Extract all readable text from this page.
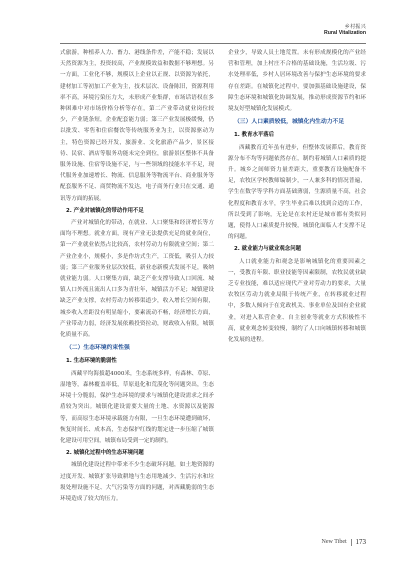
乡村振兴
Rural Vitalization

式旅游，种植养人力、畜力、港线条件差，产能不稳；发展以天然资源为主，投资较高，产业规模效益和数据不够理想。另一方面，工业化不够，规模以上企业以正规、以资源为依托，建材加工等初加工产业为主，技术层次、设备陈旧，资源利用率不高，环境污染压力大，未形成产业集群，市场话语权在多种困难中对市场价格分析等存在，第二产业带动就业岗位较少，产业链条短，企业配套能力弱；第三产业发展极缓慢，仍以批发、零售和住宿餐饮等传统服务业为主，以资源驱动为主，特色资源已经开发，旅游业、文化旅游产品少，景区接待、民宿、酒店等服务功能未完全到位，旅游景区整体不具备服务设施、住宿等设施不足，与一些领域的技能水平不足，现代服务业加速增长、物流、信息服务等物流平台、商业服务等配套服务不足、商贸物流不发达，电子商务行业只在交通、通讯等方面的拓展。

2. 产业对城镇化的带动作用不足

产业对城镇化的带动，在就业、人口聚集和经济增长等方面均不理想。就业方面，现有产业无法提供充足的就业岗位，第一产业就业依然占比较高，农村劳动力有限就业空间；第二产业企业小，规模小，多是作坊式生产，工资低，吸引人力较弱；第三产业服务业层次较低，新业态新模式发展不足，吸纳就业能力弱。人口聚集方面，缺乏产业支撑导致人口回流、城镇人口外流且流出人口多为青壮年，城镇活力不足；城镇建设缺乏产业支撑，农村劳动力转移渠道少，收入增长空间有限，城乡收入差距没有明显缩小，要素流动不畅，经济增长方面，产业带动力弱，经济发展依赖投资拉动，财政收入有限，城镇化质量不高。

（二）生态环境约束性强
1. 生态环境的脆弱性

西藏平均海拔超4000米，生态系统多样，有森林、草原、湿地等，森林覆盖率低，草原退化和荒漠化等问题突出，生态环境十分脆弱，保护生态环境的要求与城镇化建设需求之间矛盾较为突出。城镇化建设需要大量的土地、水资源以及能源等，而高原生态环境承载能力有限，一旦生态环境遭到破坏，恢复时间长、成本高，生态保护红线的划定进一步压缩了城镇化建设可用空间，城镇布局受到一定的制约。

2. 城镇化过程中的生态环境问题

城镇化建设过程中带来不少生态破坏问题，如土地资源的过度开发、城镇扩张导致耕地与生态用地减少、生活污水和垃圾处理设施不足、大气污染等方面的问题，对西藏脆弱的生态环境造成了较大的压力。

企业少，导致人员土地荒置。未有形成规模化的产业经营和管理，加上村庄不合格的基础设施，生活垃圾、污水处理率低，乡村人居环境改善与保护生态环境的要求存在差距。在城镇化过程中，要加强基础设施建设，保障生态环境和城镇化协调发展，推动形成资源节约和环境友好型城镇化发展模式。

（三）人口素质较低，城镇化内生动力不足
1. 教育水平落后

西藏教育近年虽有进步，但整体发展滞后，教育资源分布不均等问题依然存在，制约着城镇人口素质的提升。城乡之间师资力量差距大，重要教育设施配备不足，农牧区学校教师编制少，一人兼多科的情况普遍，学生在数学等学科方面基础薄弱，生源质量不高，社会化程度和教育水平，学生毕业后难以找到合适的工作，所以受到了影响，无论是在农村还是城市都有类似问题，使得人口素质提升较慢，城镇化面临人才支撑不足的问题。

2. 就业能力与就业观念问题

人口就业能力和观念是影响城镇化的重要因素之一，受教育年限、职业技能等因素限制，农牧民就业缺乏专业技能，难以适应现代产业对劳动力的要求，大量农牧区劳动力就业局限于传统产业，在转移就业过程中，多数人倾向于在党政机关、事业单位及国有企业就业，对进入私营企业、自主创业等就业方式积极性不高，就业观念转变较慢，制约了人口向城镇转移和城镇化发展的进程。

New Tibet 173
